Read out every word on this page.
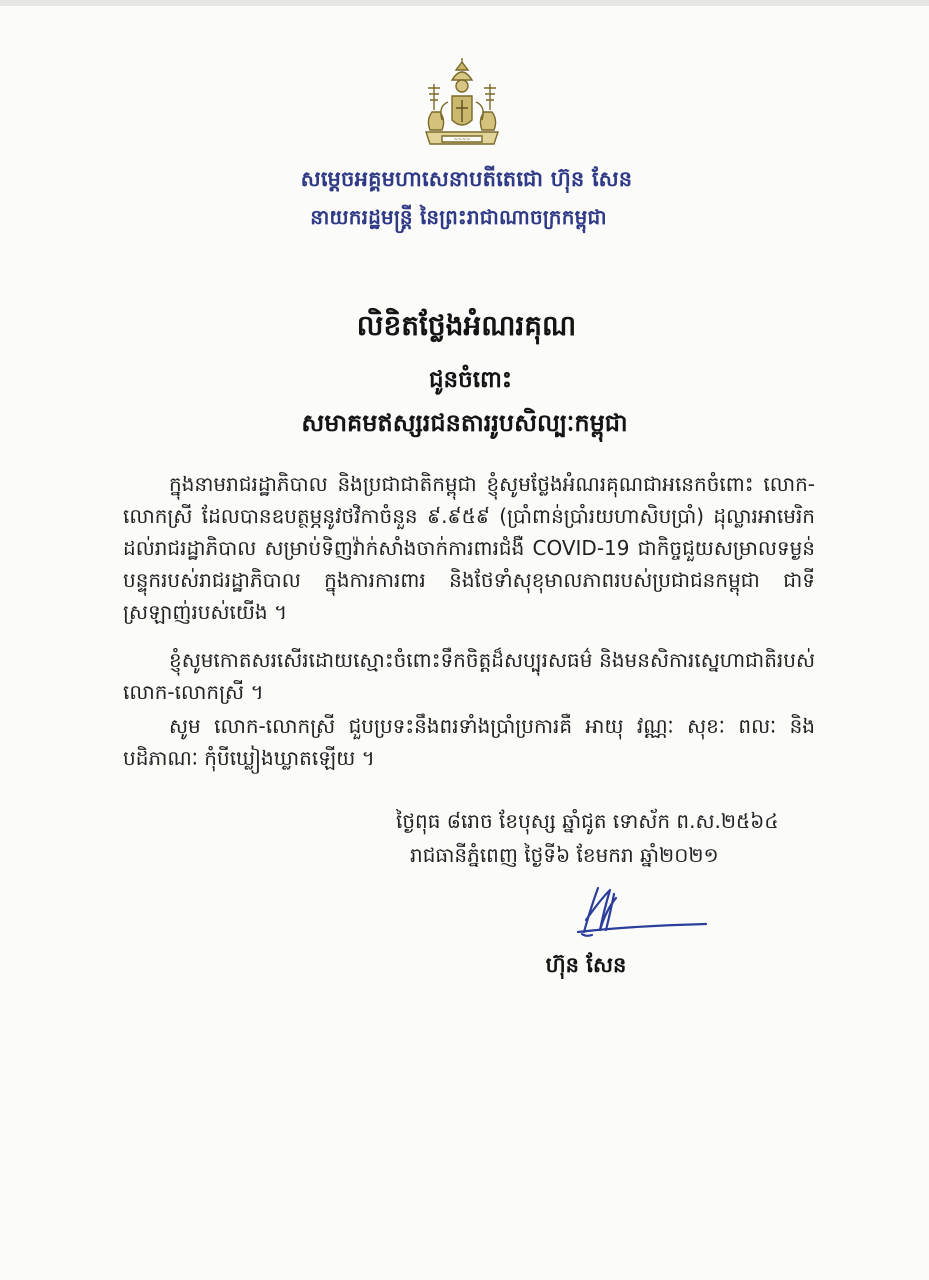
~~~~
សម្តេចអគ្គមហាសេនាបតីតេជោ ហ៊ុន សែន
នាយករដ្ឋមន្ត្រី នៃព្រះរាជាណាចក្រកម្ពុជា
លិខិតថ្លែងអំណរគុណ
ជូនចំពោះ
សមាគមឥស្សរជនតាររូបសិល្បៈកម្ពុជា
ក្នុងនាមរាជរដ្ឋាភិបាល និងប្រជាជាតិកម្ពុជា ខ្ញុំសូមថ្លែងអំណរគុណជាអនេកចំពោះ លោក-លោកស្រី ដែលបានឧបត្ថម្ភនូវថវិកាចំនួន ៩.៩៥៩ (ប្រាំពាន់ប្រាំរយហាសិបប្រាំ) ដុល្លារអាមេរិក ដល់រាជរដ្ឋាភិបាល សម្រាប់ទិញវ៉ាក់សាំងចាក់ការពារជំងឺ COVID-19 ជាកិច្ចជួយសម្រាលទម្ងន់បន្ទុករបស់រាជរដ្ឋាភិបាល ក្នុងការការពារ និងថែទាំសុខុមាលភាពរបស់ប្រជាជនកម្ពុជា ជាទីស្រឡាញ់របស់យើង ។
ខ្ញុំសូមកោតសរសើរដោយស្មោះចំពោះទឹកចិត្តដ៏សប្បុរសធម៌ និងមនសិការស្នេហាជាតិរបស់ លោក-លោកស្រី ។
សូម លោក-លោកស្រី ជួបប្រទះនឹងពរទាំងប្រាំប្រការគឺ អាយុ វណ្ណៈ សុខៈ ពលៈ និងបដិភាណៈ កុំបីឃ្លៀងឃ្លាតឡើយ ។
ថ្ងៃពុធ ៨រោច ខែបុស្ស ឆ្នាំជូត ទោស័ក ព.ស.២៥៦៤
រាជធានីភ្នំពេញ ថ្ងៃទី៦ ខែមករា ឆ្នាំ២០២១
ហ៊ុន សែន
